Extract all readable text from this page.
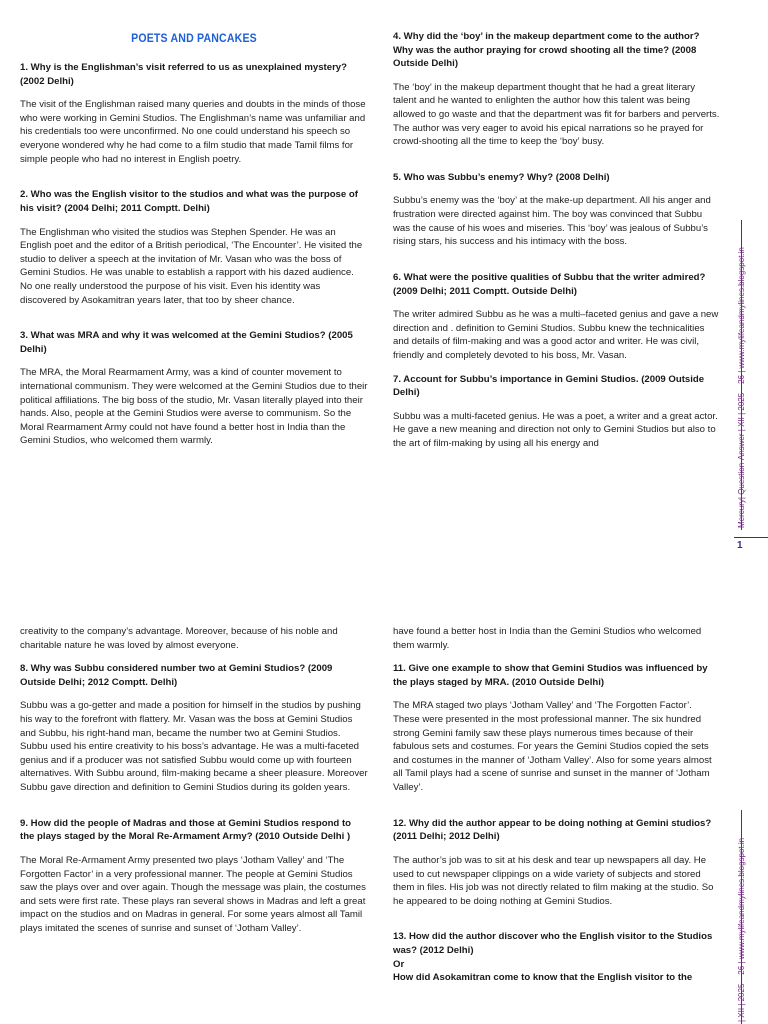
POETS AND PANCAKES
1. Why is the Englishman’s visit referred to us as unexplained mystery? (2002 Delhi)

The visit of the Englishman raised many queries and doubts in the minds of those who were working in Gemini Studios. The Englishman’s name was unfamiliar and his credentials too were unconfirmed. No one could understand his speech so everyone wondered why he had come to a film studio that made Tamil films for simple people who had no interest in English poetry.

2. Who was the English visitor to the studios and what was the purpose of his visit? (2004 Delhi; 2011 Comptt. Delhi)

The Englishman who visited the studios was Stephen Spender. He was an English poet and the editor of a British periodical, ‘The Encounter’. He visited the studio to deliver a speech at the invitation of Mr. Vasan who was the boss of Gemini Studios. He was unable to establish a rapport with his dazed audience. No one really understood the purpose of his visit. Even his identity was discovered by Asokamitran years later, that too by sheer chance.

3. What was MRA and why it was welcomed at the Gemini Studios? (2005 Delhi)

The MRA, the Moral Rearmament Army, was a kind of counter movement to international communism. They were welcomed at the Gemini Studios due to their political affiliations. The big boss of the studio, Mr. Vasan literally played into their hands. Also, people at the Gemini Studios were averse to communism. So the Moral Rearmament Army could not have found a better host in India than the Gemini Studios, who welcomed them warmly.

4. Why did the ‘boy’ in the makeup department come to the author? Why was the author praying for crowd shooting all the time? (2008 Outside Delhi)

The ‘boy’ in the makeup department thought that he had a great literary talent and he wanted to enlighten the author how this talent was being allowed to go waste and that the department was fit for barbers and perverts. The author was very eager to avoid his epical narrations so he prayed for crowd-shooting all the time to keep the ‘boy’ busy.

5. Who was Subbu’s enemy? Why? (2008 Delhi)

Subbu’s enemy was the ‘boy’ at the make-up department. All his anger and frustration were directed against him. The boy was convinced that Subbu was the cause of his woes and miseries. This ‘boy’ was jealous of Subbu’s rising stars, his success and his intimacy with the boss.

6. What were the positive qualities of Subbu that the writer admired? (2009 Delhi; 2011 Comptt. Outside Delhi)

The writer admired Subbu as he was a multi–faceted genius and gave a new direction and . definition to Gemini Studios. Subbu knew the technicalities and details of film-making and was a good actor and writer. He was civil, friendly and completely devoted to his boss, Mr. Vasan.

7. Account for Subbu’s importance in Gemini Studios. (2009 Outside Delhi)

Subbu was a multi-faceted genius. He was a poet, a writer and a great actor. He gave a new meaning and direction not only to Gemini Studios but also to the art of film-making by using all his energy and

creativity to the company’s advantage. Moreover, because of his noble and charitable nature he was loved by almost everyone.

8. Why was Subbu considered number two at Gemini Studios? (2009 Outside Delhi; 2012 Comptt. Delhi)

Subbu was a go-getter and made a position for himself in the studios by pushing his way to the forefront with flattery. Mr. Vasan was the boss at Gemini Studios and Subbu, his right-hand man, became the number two at Gemini Studios. Subbu used his entire creativity to his boss’s advantage. He was a multi-faceted genius and if a producer was not satisfied Subbu would come up with fourteen alternatives. With Subbu around, film-making became a sheer pleasure. Moreover Subbu gave direction and definition to Gemini Studios during its golden years.

9. How did the people of Madras and those at Gemini Studios respond to the plays staged by the Moral Re-Armament Army? (2010 Outside Delhi )

The Moral Re-Armament Army presented two plays ‘Jotham Valley’ and ‘The Forgotten Factor’ in a very professional manner. The people at Gemini Studios saw the plays over and over again. Though the message was plain, the costumes and sets were first rate. These plays ran several shows in Madras and left a great impact on the studios and on Madras in general. For some years almost all Tamil plays imitated the scenes of sunrise and sunset of ‘Jotham Valley’.

have found a better host in India than the Gemini Studios who welcomed them warmly.

11. Give one example to show that Gemini Studios was influenced by the plays staged by MRA. (2010 Outside Delhi)

The MRA staged two plays ‘Jotham Valley’ and ‘The Forgotten Factor’. These were presented in the most professional manner. The six hundred strong Gemini family saw these plays numerous times because of their fabulous sets and costumes. For years the Gemini Studios copied the sets and costumes in the manner of ‘Jotham Valley’. Also for some years almost all Tamil plays had a scene of sunrise and sunset in the manner of ‘Jotham Valley’.

12. Why did the author appear to be doing nothing at Gemini studios? (2011 Delhi; 2012 Delhi)

The author’s job was to sit at his desk and tear up newspapers all day. He used to cut newspaper clippings on a wide variety of subjects and stored them in files. His job was not directly related to film making at the studio. So he appeared to be doing nothing at Gemini Studios.

13. How did the author discover who the English visitor to the Studios was? (2012 Delhi)
Or
How did Asokamitran come to know that the English visitor to the
Mercury| Question-Answer | XII | 2025 – 26 | www.mylifeandmylines.blogspot.in
1
| XII | 2025 – 26 | www.mylifeandmylines.blogspot.in
